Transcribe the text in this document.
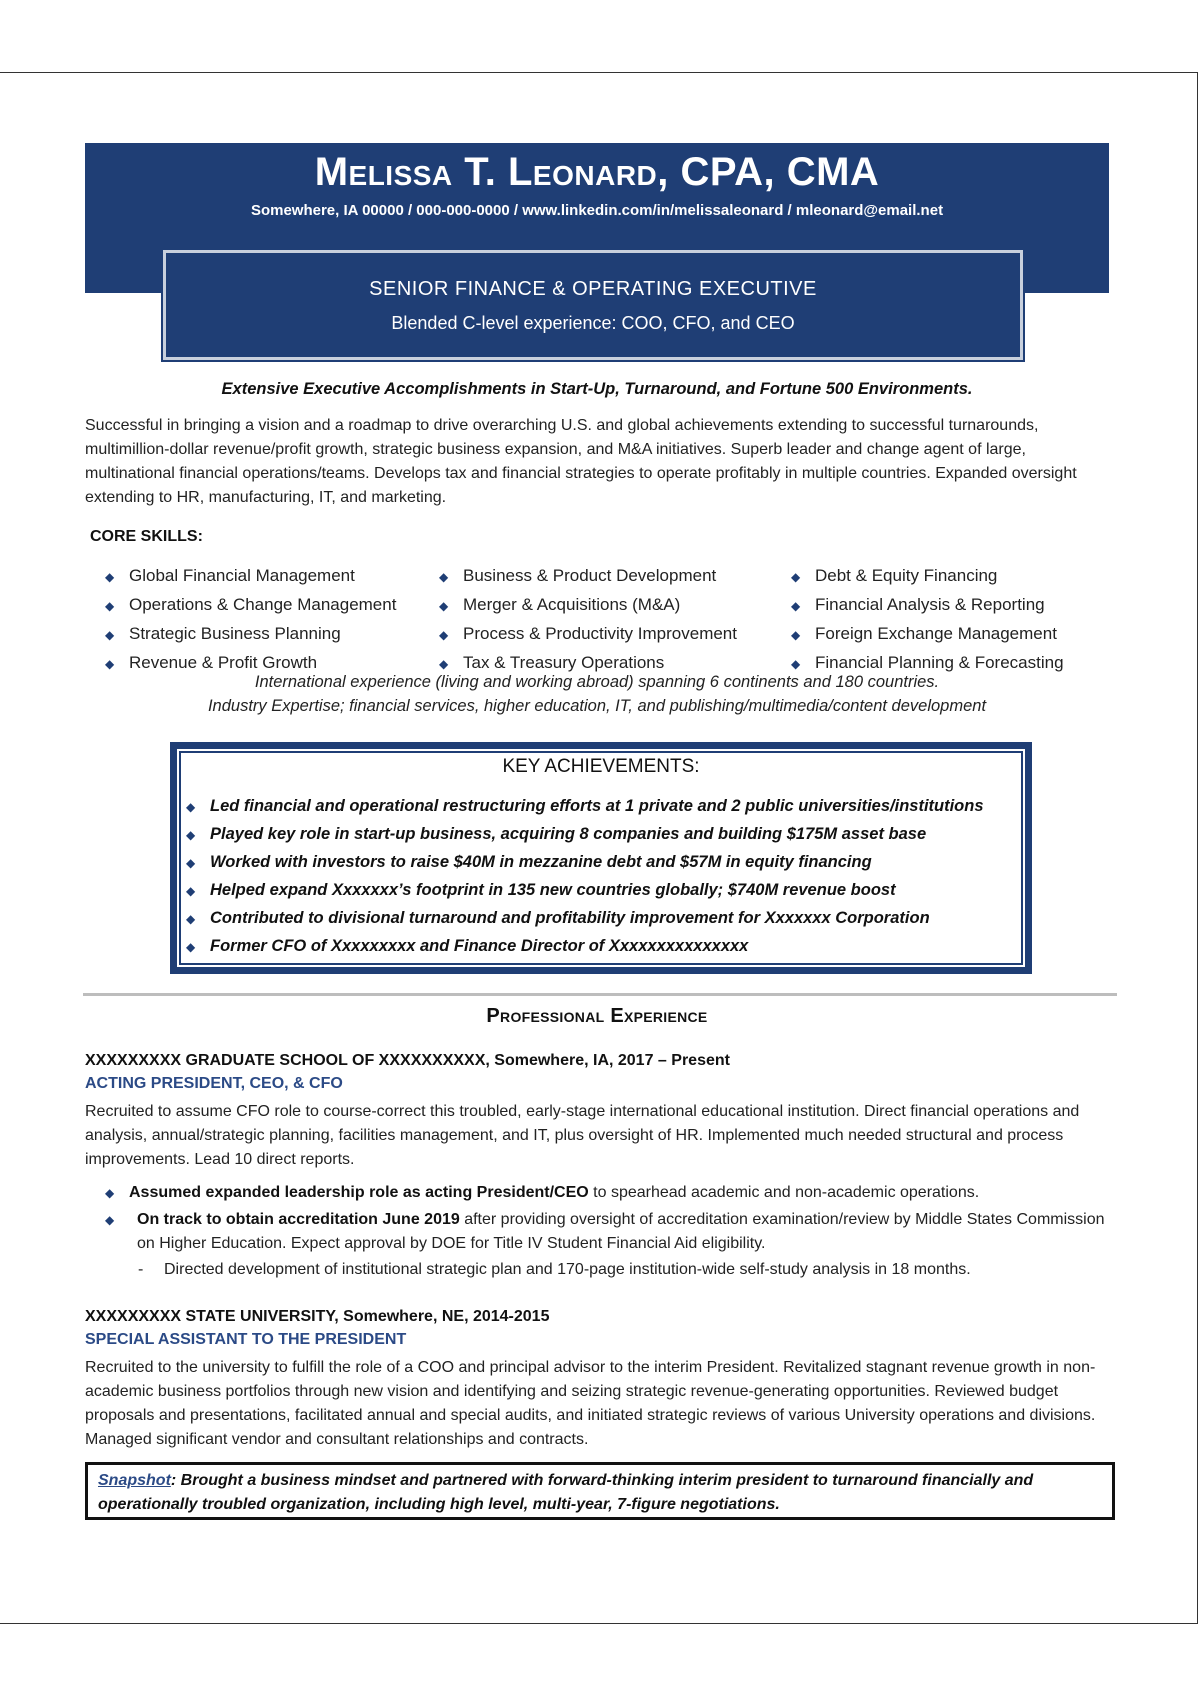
Melissa T. Leonard, CPA, CMA
Somewhere, IA 00000 / 000-000-0000 / www.linkedin.com/in/melissaleonard / mleonard@email.net
SENIOR FINANCE & OPERATING EXECUTIVE
Blended C-level experience: COO, CFO, and CEO
Extensive Executive Accomplishments in Start-Up, Turnaround, and Fortune 500 Environments.
Successful in bringing a vision and a roadmap to drive overarching U.S. and global achievements extending to successful turnarounds, multimillion-dollar revenue/profit growth, strategic business expansion, and M&A initiatives. Superb leader and change agent of large, multinational financial operations/teams. Develops tax and financial strategies to operate profitably in multiple countries. Expanded oversight extending to HR, manufacturing, IT, and marketing.
CORE SKILLS:
◆ Global Financial Management
◆ Operations & Change Management
◆ Strategic Business Planning
◆ Revenue & Profit Growth
◆ Business & Product Development
◆ Merger & Acquisitions (M&A)
◆ Process & Productivity Improvement
◆ Tax & Treasury Operations
◆ Debt & Equity Financing
◆ Financial Analysis & Reporting
◆ Foreign Exchange Management
◆ Financial Planning & Forecasting
International experience (living and working abroad) spanning 6 continents and 180 countries.
Industry Expertise; financial services, higher education, IT, and publishing/multimedia/content development
KEY ACHIEVEMENTS:
◆ Led financial and operational restructuring efforts at 1 private and 2 public universities/institutions
◆ Played key role in start-up business, acquiring 8 companies and building $175M asset base
◆ Worked with investors to raise $40M in mezzanine debt and $57M in equity financing
◆ Helped expand Xxxxxxx’s footprint in 135 new countries globally; $740M revenue boost
◆ Contributed to divisional turnaround and profitability improvement for Xxxxxxx Corporation
◆ Former CFO of Xxxxxxxxx and Finance Director of Xxxxxxxxxxxxxxx
Professional Experience
XXXXXXXXX GRADUATE SCHOOL OF XXXXXXXXXX, Somewhere, IA, 2017 – Present
ACTING PRESIDENT, CEO, & CFO
Recruited to assume CFO role to course-correct this troubled, early-stage international educational institution. Direct financial operations and analysis, annual/strategic planning, facilities management, and IT, plus oversight of HR. Implemented much needed structural and process improvements. Lead 10 direct reports.
◆ Assumed expanded leadership role as acting President/CEO to spearhead academic and non-academic operations.
◆	On track to obtain accreditation June 2019 after providing oversight of accreditation examination/review by Middle States Commission on Higher Education. Expect approval by DOE for Title IV Student Financial Aid eligibility.
- Directed development of institutional strategic plan and 170-page institution-wide self-study analysis in 18 months.
XXXXXXXXX STATE UNIVERSITY, Somewhere, NE, 2014-2015
SPECIAL ASSISTANT TO THE PRESIDENT
Recruited to the university to fulfill the role of a COO and principal advisor to the interim President. Revitalized stagnant revenue growth in non-academic business portfolios through new vision and identifying and seizing strategic revenue-generating opportunities. Reviewed budget proposals and presentations, facilitated annual and special audits, and initiated strategic reviews of various University operations and divisions. Managed significant vendor and consultant relationships and contracts.
Snapshot: Brought a business mindset and partnered with forward-thinking interim president to turnaround financially and operationally troubled organization, including high level, multi-year, 7-figure negotiations.
